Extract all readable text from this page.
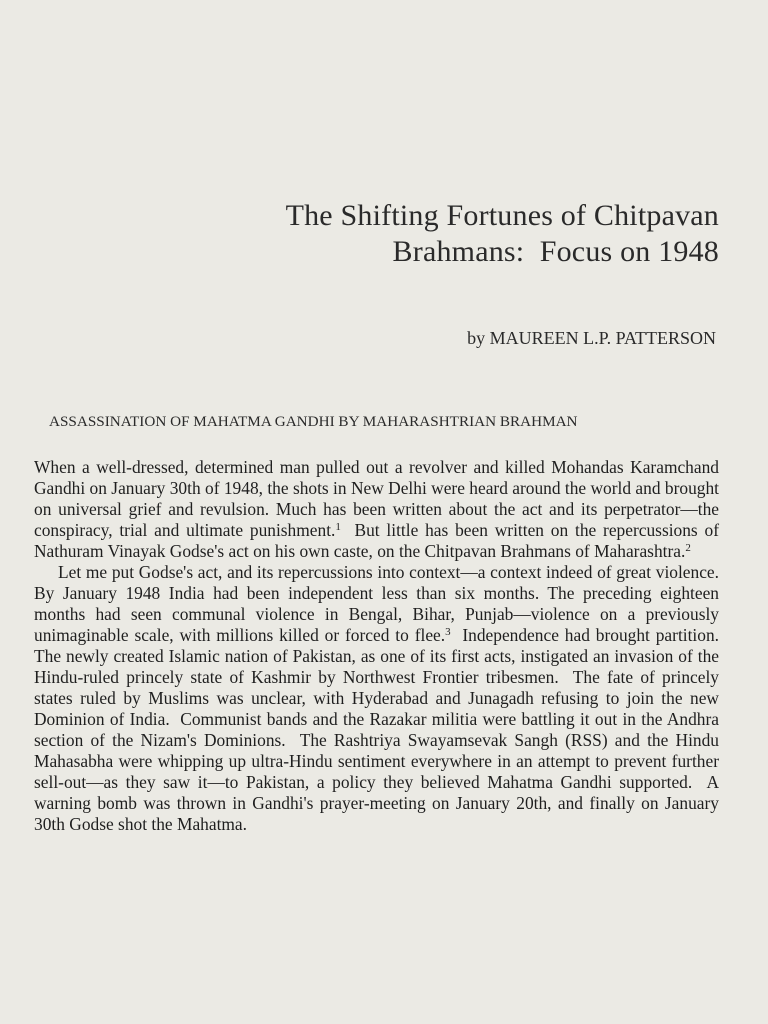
The Shifting Fortunes of Chitpavan
Brahmans:  Focus on 1948
by MAUREEN L.P. PATTERSON
ASSASSINATION OF MAHATMA GANDHI BY MAHARASHTRIAN BRAHMAN

When a well-dressed, determined man pulled out a revolver and killed Mohandas Karamchand Gandhi on January 30th of 1948, the shots in New Delhi were heard around the world and brought on universal grief and revulsion. Much has been written about the act and its perpetrator—the conspiracy, trial and ultimate punishment.$^1$  But little has been written on the repercussions of Nathuram Vinayak Godse's act on his own caste, on the Chitpavan Brahmans of Maharashtra.$^2$

Let me put Godse's act, and its repercussions into context—a context indeed of great violence. By January 1948 India had been independent less than six months. The preceding eighteen months had seen communal violence in Bengal, Bihar, Punjab—violence on a previously unimaginable scale, with millions killed or forced to flee.$^3$  Independence had brought partition.  The newly created Islamic nation of Pakistan, as one of its first acts, instigated an invasion of the Hindu-ruled princely state of Kashmir by Northwest Frontier tribesmen.  The fate of princely states ruled by Muslims was unclear, with Hyderabad and Junagadh refusing to join the new Dominion of India.  Communist bands and the Razakar militia were battling it out in the Andhra section of the Nizam's Dominions.  The Rashtriya Swayamsevak Sangh (RSS) and the Hindu Mahasabha were whipping up ultra-Hindu sentiment everywhere in an attempt to prevent further sell-out—as they saw it—to Pakistan, a policy they believed Mahatma Gandhi supported.  A warning bomb was thrown in Gandhi's prayer-meeting on January 20th, and finally on January 30th Godse shot the Mahatma.
